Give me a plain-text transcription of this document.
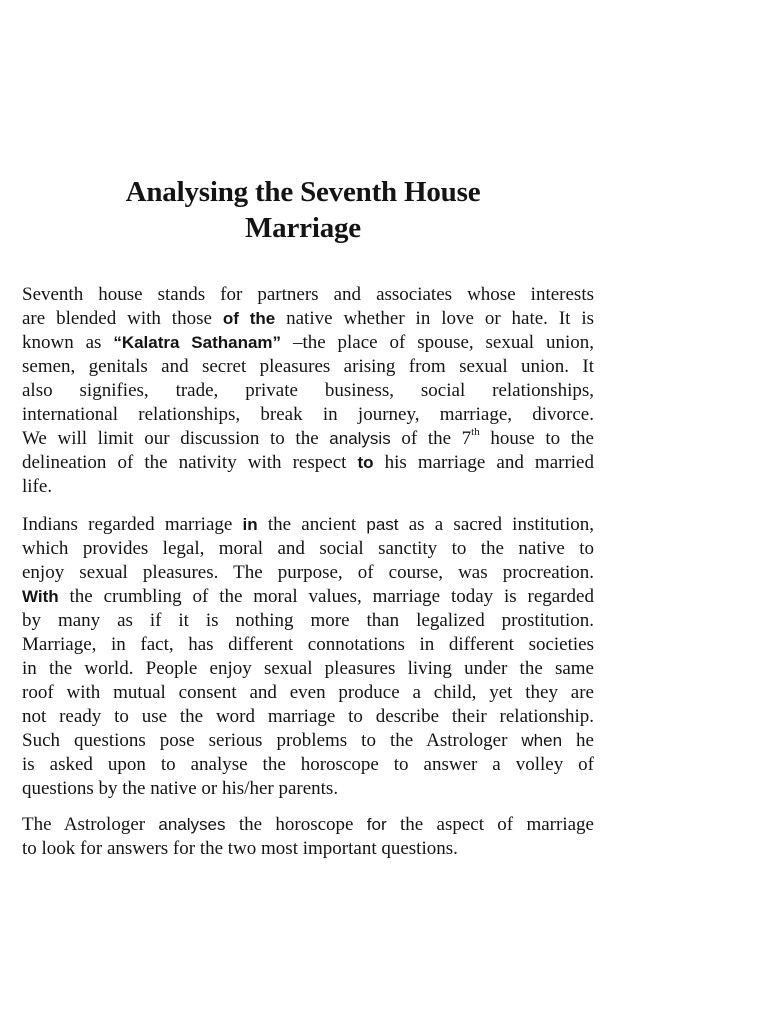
Analysing the Seventh House
Marriage

Seventh house stands for partners and associates whose interests
are blended with those of the native whether in love or hate. It is
known as “Kalatra Sathanam” –the place of spouse, sexual union,
semen, genitals and secret pleasures arising from sexual union. It
also signifies, trade, private business, social relationships,
international relationships, break in journey, marriage, divorce.
We will limit our discussion to the analysis of the 7th house to the
delineation of the nativity with respect to his marriage and married
life.

Indians regarded marriage in the ancient past as a sacred institution,
which provides legal, moral and social sanctity to the native to
enjoy sexual pleasures. The purpose, of course, was procreation.
With the crumbling of the moral values, marriage today is regarded
by many as if it is nothing more than legalized prostitution.
Marriage, in fact, has different connotations in different societies
in the world. People enjoy sexual pleasures living under the same
roof with mutual consent and even produce a child, yet they are
not ready to use the word marriage to describe their relationship.
Such questions pose serious problems to the Astrologer when he
is asked upon to analyse the horoscope to answer a volley of
questions by the native or his/her parents.

The Astrologer analyses the horoscope for the aspect of marriage
to look for answers for the two most important questions.
